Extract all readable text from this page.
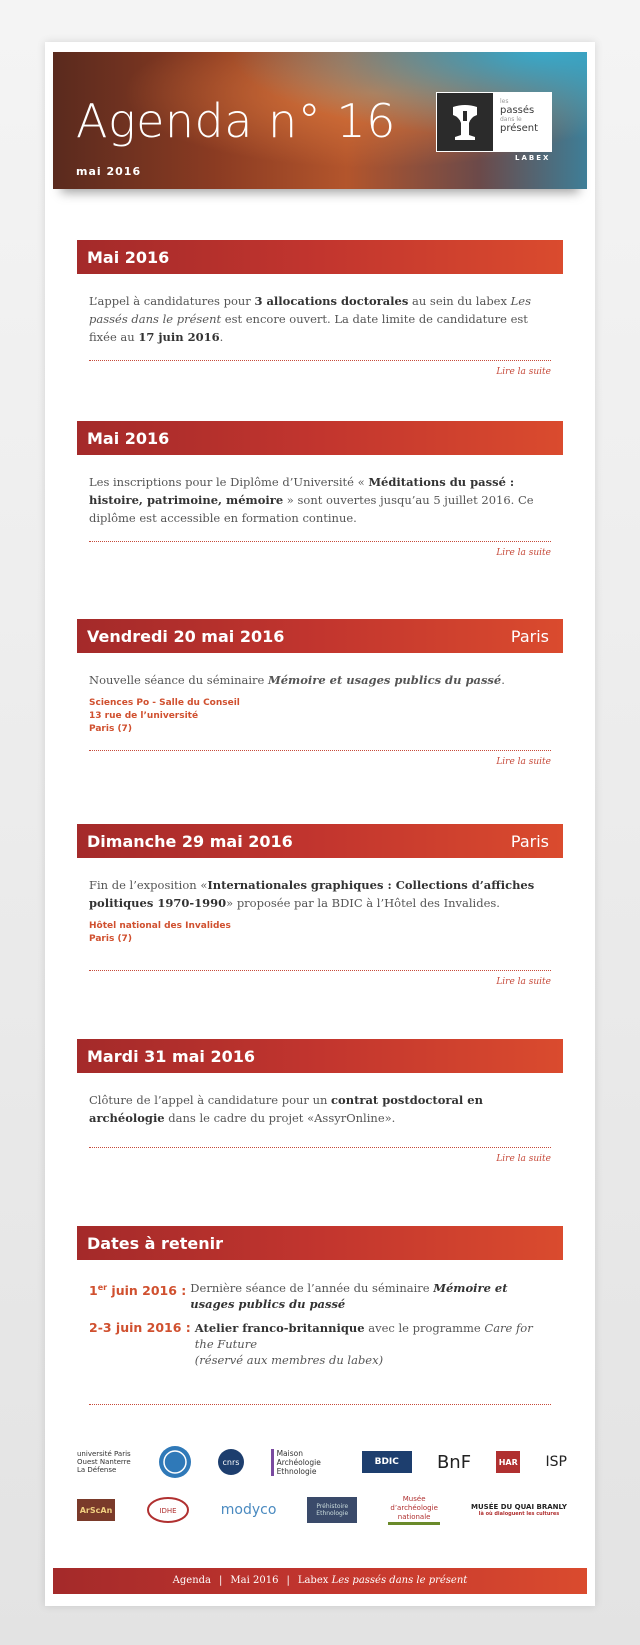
Agenda n° 16
mai 2016
les
passés
dans le
présent
LABEX
Mai 2016
L’appel à candidatures pour 3 allocations doctorales au sein du labex Les passés dans le présent est encore ouvert. La date limite de candidature est fixée au 17 juin 2016.
Lire la suite
Mai 2016
Les inscriptions pour le Diplôme d’Université « Méditations du passé : histoire, patrimoine, mémoire » sont ouvertes jusqu’au 5 juillet 2016. Ce diplôme est accessible en formation continue.
Lire la suite
Vendredi 20 mai 2016	Paris
Nouvelle séance du séminaire Mémoire et usages publics du passé.
Sciences Po - Salle du Conseil
13 rue de l’université
Paris (7)
Lire la suite
Dimanche 29 mai 2016	Paris
Fin de l’exposition «Internationales graphiques : Collections d’affiches politiques 1970-1990» proposée par la BDIC à l’Hôtel des Invalides.
Hôtel national des Invalides
Paris (7)
Lire la suite
Mardi 31 mai 2016
Clôture de l’appel à candidature pour un contrat postdoctoral en archéologie dans le cadre du projet «AssyrOnline».
Lire la suite
Dates à retenir
1er juin 2016 : Dernière séance de l’année du séminaire Mémoire et usages publics du passé
2-3 juin 2016 : Atelier franco-britannique avec le programme Care for the Future
(réservé aux membres du labex)
université Paris Ouest Nanterre La Défense
cnrs
Maison Archéologie Ethnologie
BDIC	BnF	HAR ISP
ArScAn	IDHE	modyco	Préhistoire Ethnologie
Musée d’archéologie nationale
MUSÉE DU QUAI BRANLY
là où dialoguent les cultures
Agenda | Mai 2016 | Labex Les passés dans le présent
